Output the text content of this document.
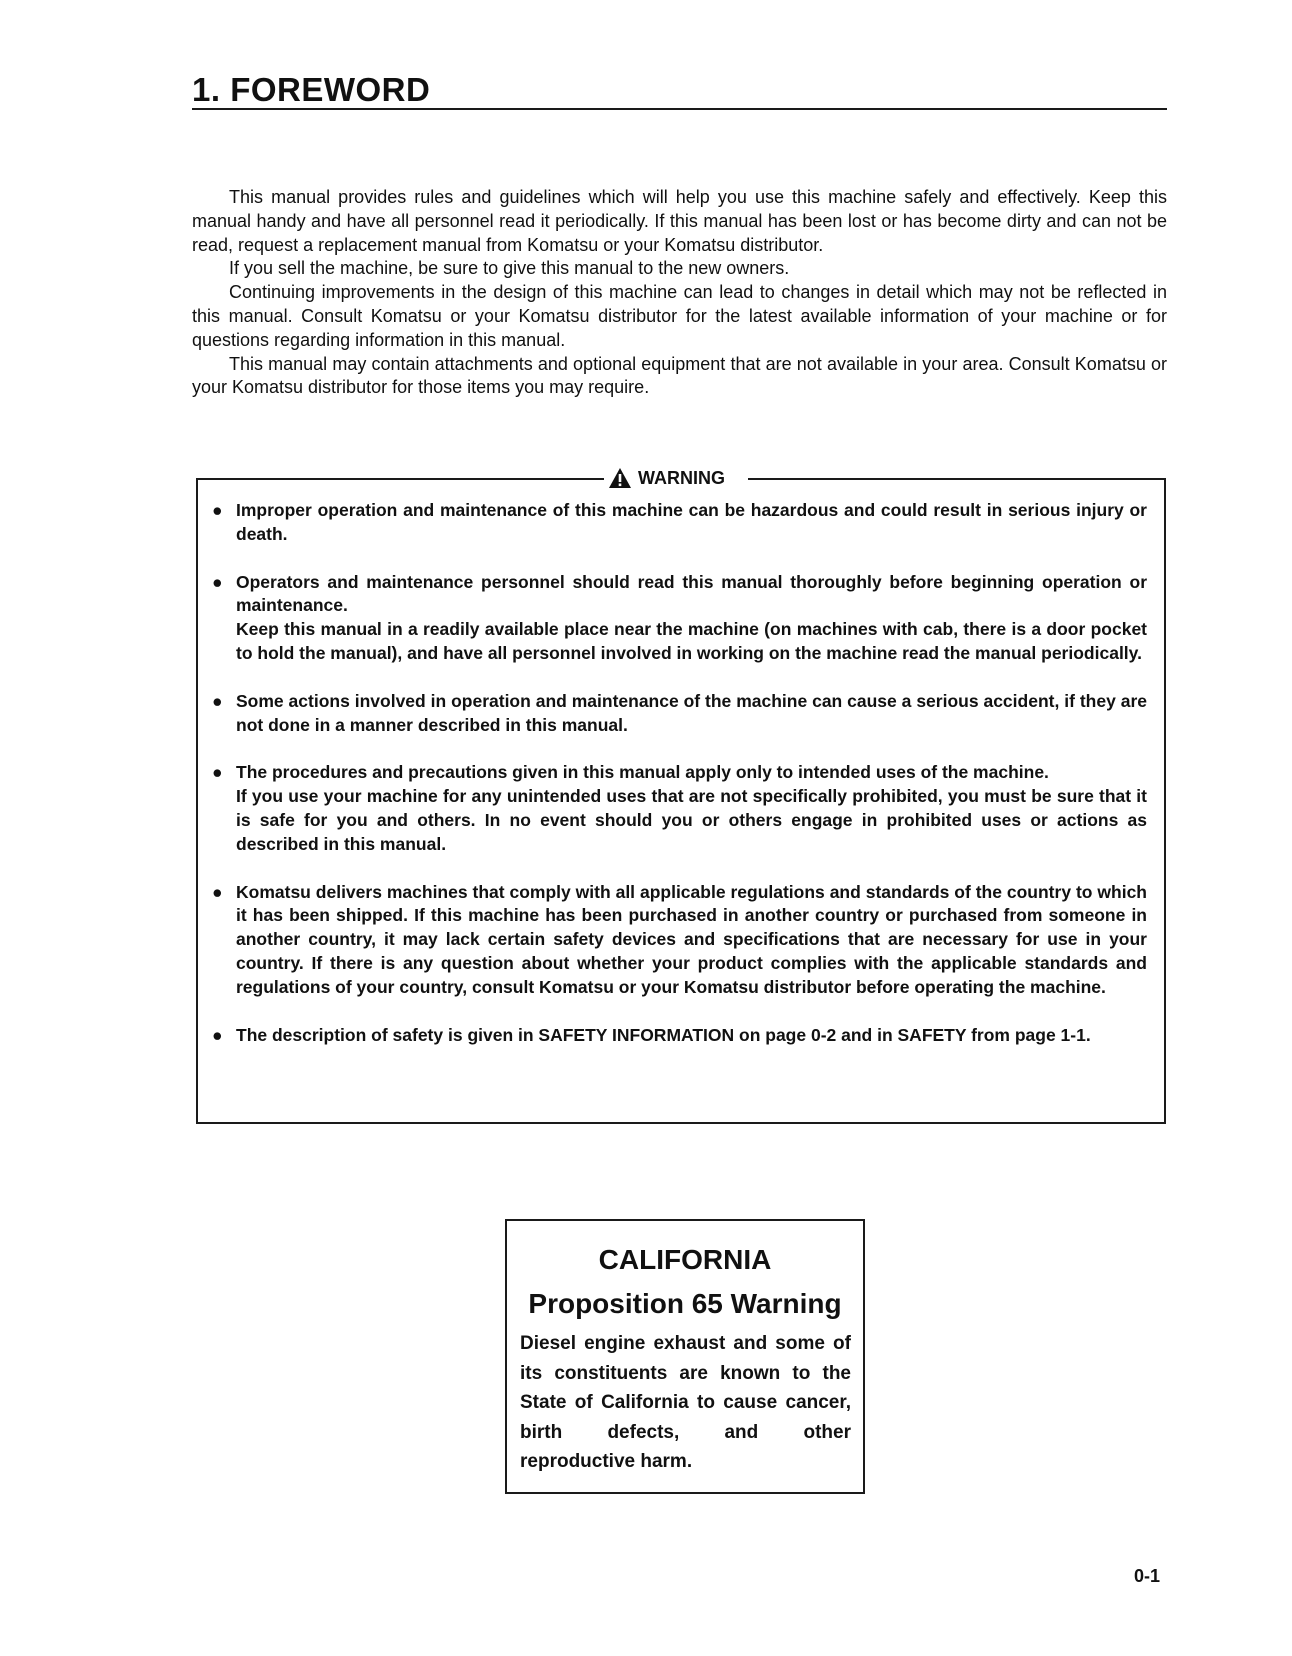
1. FOREWORD

This manual provides rules and guidelines which will help you use this machine safely and effectively. Keep this manual handy and have all personnel read it periodically. If this manual has been lost or has become dirty and can not be read, request a replacement manual from Komatsu or your Komatsu distributor.

If you sell the machine, be sure to give this manual to the new owners.

Continuing improvements in the design of this machine can lead to changes in detail which may not be reflected in this manual. Consult Komatsu or your Komatsu distributor for the latest available information of your machine or for questions regarding information in this manual.

This manual may contain attachments and optional equipment that are not available in your area. Consult Komatsu or your Komatsu distributor for those items you may require.

WARNING
● Improper operation and maintenance of this machine can be hazardous and could result in serious injury or death.
● Operators and maintenance personnel should read this manual thoroughly before beginning operation or maintenance.
Keep this manual in a readily available place near the machine (on machines with cab, there is a door pocket to hold the manual), and have all personnel involved in working on the machine read the manual periodically.
● Some actions involved in operation and maintenance of the machine can cause a serious accident, if they are not done in a manner described in this manual.
● The procedures and precautions given in this manual apply only to intended uses of the machine.
If you use your machine for any unintended uses that are not specifically prohibited, you must be sure that it is safe for you and others. In no event should you or others engage in prohibited uses or actions as described in this manual.
● Komatsu delivers machines that comply with all applicable regulations and standards of the country to which it has been shipped. If this machine has been purchased in another country or purchased from someone in another country, it may lack certain safety devices and specifications that are necessary for use in your country. If there is any question about whether your product complies with the applicable standards and regulations of your country, consult Komatsu or your Komatsu distributor before operating the machine.
● The description of safety is given in SAFETY INFORMATION on page 0-2 and in SAFETY from page 1-1.
CALIFORNIA
Proposition 65 Warning
Diesel engine exhaust and some of its constituents are known to the State of California to cause cancer, birth defects, and other reproductive harm.
0-1
